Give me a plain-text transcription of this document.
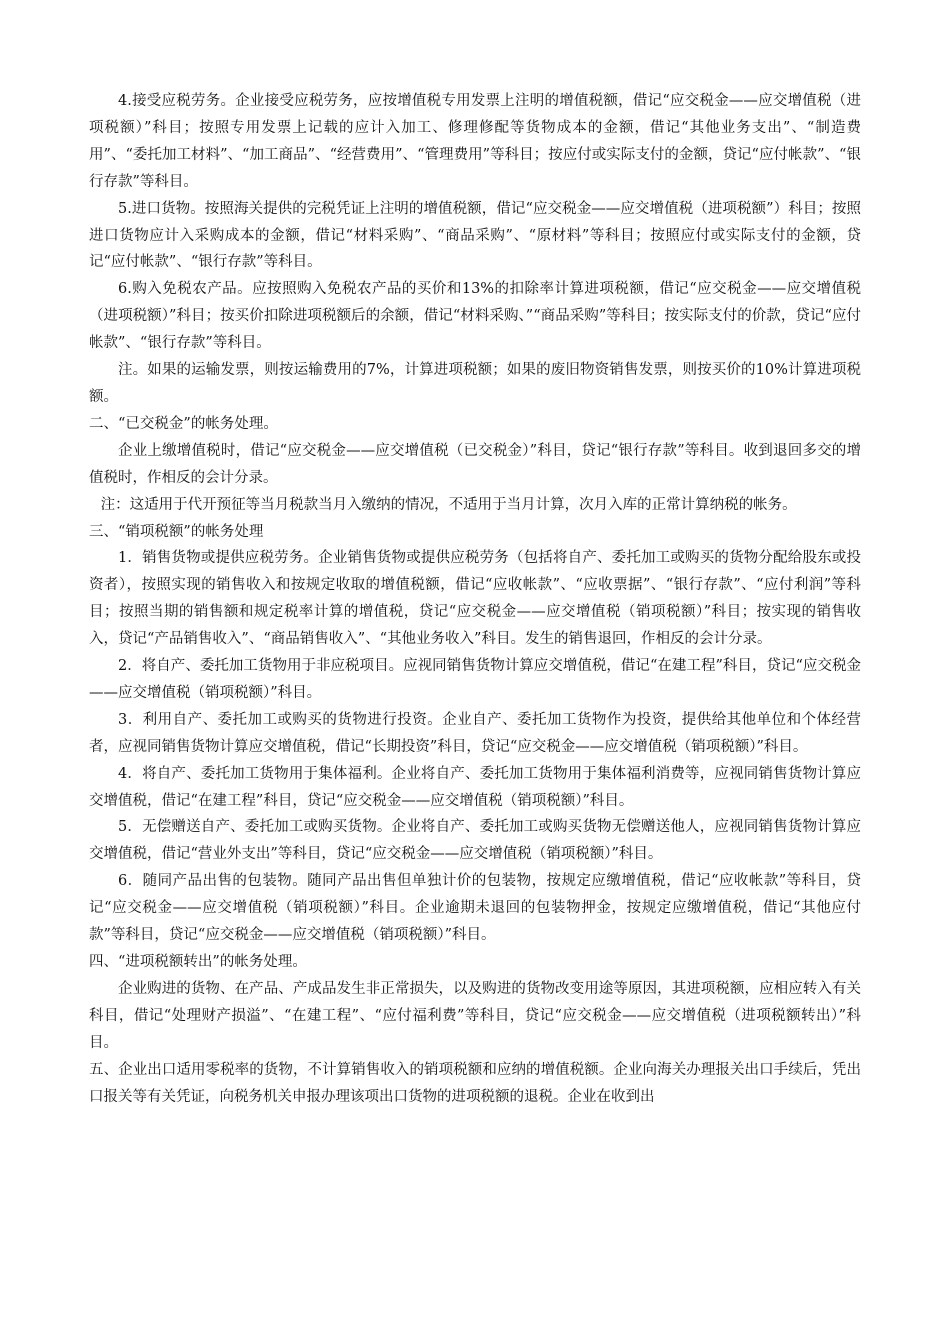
4.接受应税劳务。企业接受应税劳务，应按增值税专用发票上注明的增值税额，借记“应交税金——应交增值税（进项税额）”科目；按照专用发票上记载的应计入加工、修理修配等货物成本的金额，借记“其他业务支出”、“制造费用”、“委托加工材料”、“加工商品”、“经营费用”、“管理费用”等科目；按应付或实际支付的金额，贷记“应付帐款”、“银行存款”等科目。

5.进口货物。按照海关提供的完税凭证上注明的增值税额，借记“应交税金——应交增值税（进项税额”）科目；按照进口货物应计入采购成本的金额，借记“材料采购”、“商品采购”、“原材料”等科目；按照应付或实际支付的金额，贷记“应付帐款”、“银行存款”等科目。

6.购入免税农产品。应按照购入免税农产品的买价和13%的扣除率计算进项税额，借记“应交税金——应交增值税（进项税额）”科目；按买价扣除进项税额后的余额，借记“材料采购、”“商品采购”等科目；按实际支付的价款，贷记“应付帐款”、“银行存款”等科目。

注。如果的运输发票，则按运输费用的7%，计算进项税额；如果的废旧物资销售发票，则按买价的10%计算进项税额。

二、“已交税金”的帐务处理。

企业上缴增值税时，借记“应交税金——应交增值税（已交税金）”科目，贷记“银行存款”等科目。收到退回多交的增值税时，作相反的会计分录。

注：这适用于代开预征等当月税款当月入缴纳的情况，不适用于当月计算，次月入库的正常计算纳税的帐务。

三、“销项税额”的帐务处理

1．销售货物或提供应税劳务。企业销售货物或提供应税劳务（包括将自产、委托加工或购买的货物分配给股东或投资者），按照实现的销售收入和按规定收取的增值税额，借记“应收帐款”、“应收票据”、“银行存款”、“应付利润”等科目；按照当期的销售额和规定税率计算的增值税，贷记“应交税金——应交增值税（销项税额）”科目；按实现的销售收入，贷记“产品销售收入”、“商品销售收入”、“其他业务收入”科目。发生的销售退回，作相反的会计分录。

2．将自产、委托加工货物用于非应税项目。应视同销售货物计算应交增值税，借记“在建工程”科目，贷记“应交税金——应交增值税（销项税额）”科目。

3．利用自产、委托加工或购买的货物进行投资。企业自产、委托加工货物作为投资，提供给其他单位和个体经营者，应视同销售货物计算应交增值税，借记“长期投资”科目，贷记“应交税金——应交增值税（销项税额）”科目。

4．将自产、委托加工货物用于集体福利。企业将自产、委托加工货物用于集体福利消费等，应视同销售货物计算应交增值税，借记“在建工程”科目，贷记“应交税金——应交增值税（销项税额）”科目。

5．无偿赠送自产、委托加工或购买货物。企业将自产、委托加工或购买货物无偿赠送他人，应视同销售货物计算应交增值税，借记“营业外支出”等科目，贷记“应交税金——应交增值税（销项税额）”科目。

6．随同产品出售的包装物。随同产品出售但单独计价的包装物，按规定应缴增值税，借记“应收帐款”等科目，贷记“应交税金——应交增值税（销项税额）”科目。企业逾期未退回的包装物押金，按规定应缴增值税，借记“其他应付款”等科目，贷记“应交税金——应交增值税（销项税额）”科目。

四、“进项税额转出”的帐务处理。

企业购进的货物、在产品、产成品发生非正常损失，以及购进的货物改变用途等原因，其进项税额，应相应转入有关科目，借记“处理财产损溢”、“在建工程”、“应付福利费”等科目，贷记“应交税金——应交增值税（进项税额转出）”科目。

五、企业出口适用零税率的货物，不计算销售收入的销项税额和应纳的增值税额。企业向海关办理报关出口手续后，凭出口报关等有关凭证，向税务机关申报办理该项出口货物的进项税额的退税。企业在收到出
